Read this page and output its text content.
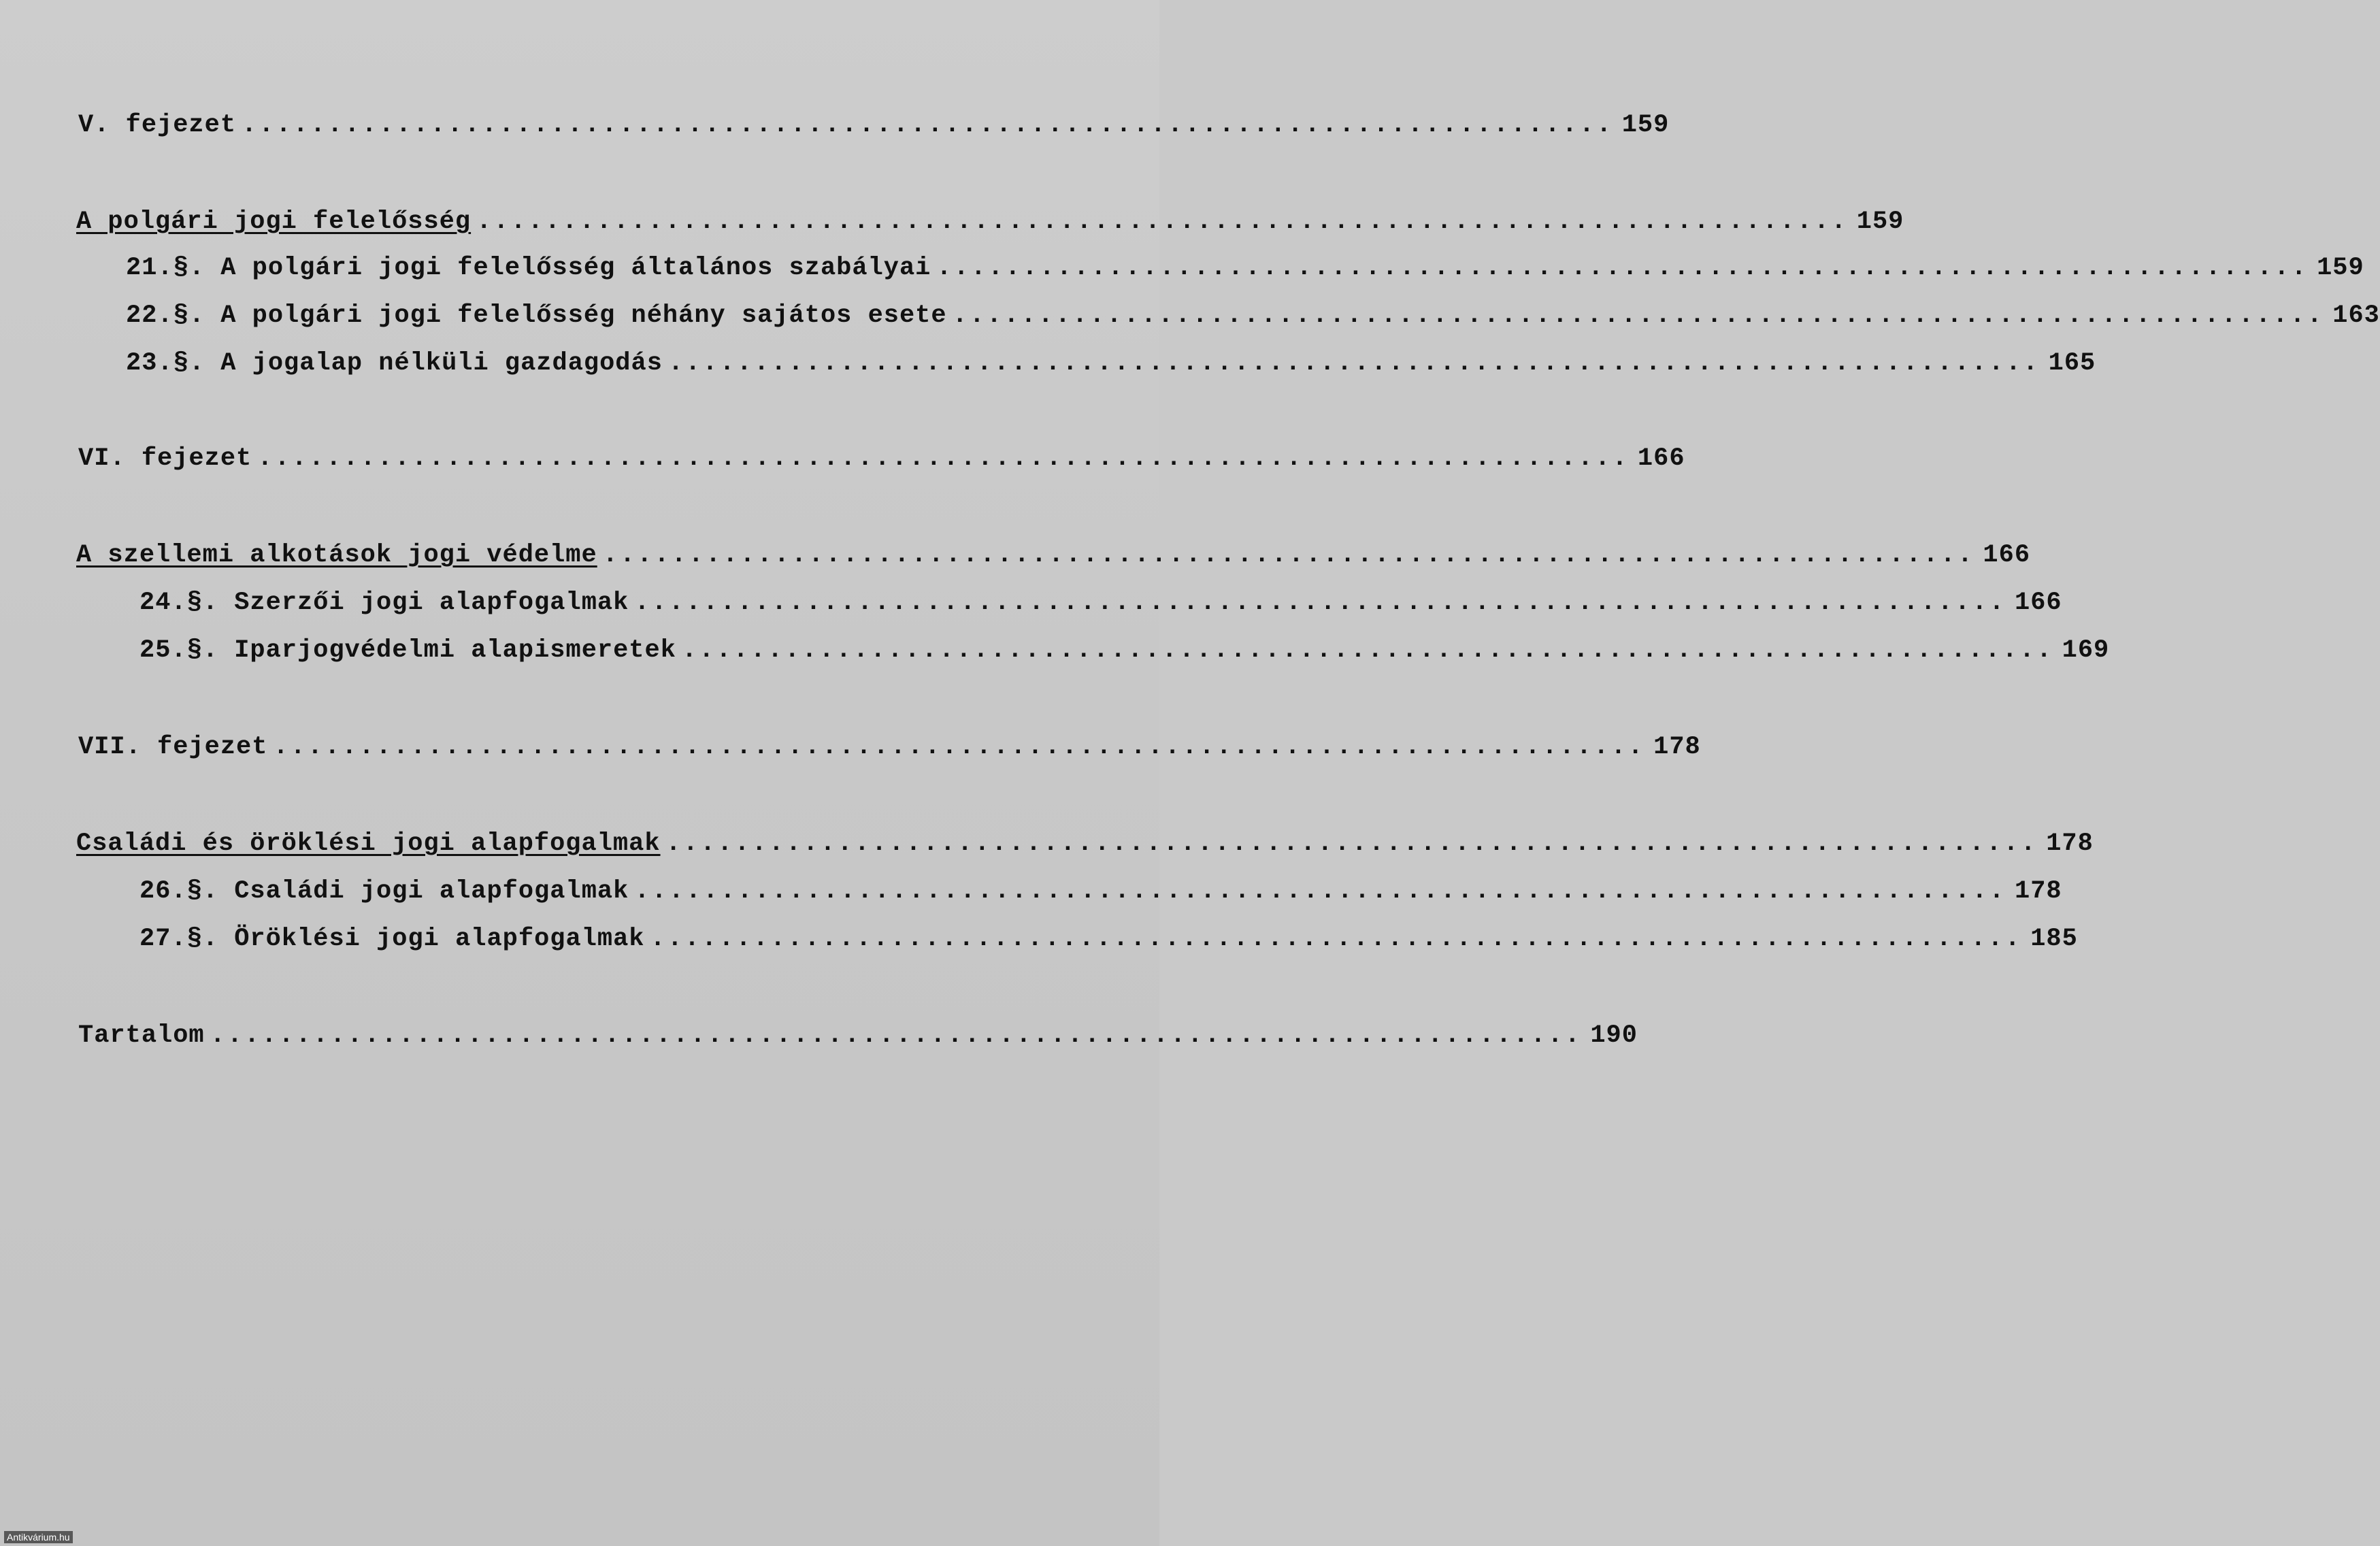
V. fejezet ................................................................................ 159
A polgári jogi felelősség ................................................................................ 159
21.§. A polgári jogi felelősség általános szabályai ................................................................................ 159
22.§. A polgári jogi felelősség néhány sajátos esete ................................................................................ 163
23.§. A jogalap nélküli gazdagodás ................................................................................ 165
VI. fejezet ................................................................................ 166
A szellemi alkotások jogi védelme ................................................................................ 166
24.§. Szerzői jogi alapfogalmak ................................................................................ 166
25.§. Iparjogvédelmi alapismeretek ................................................................................ 169
VII. fejezet ................................................................................ 178
Családi és öröklési jogi alapfogalmak ................................................................................ 178
26.§. Családi jogi alapfogalmak ................................................................................ 178
27.§. Öröklési jogi alapfogalmak ................................................................................ 185
Tartalom ................................................................................ 190
Antikvárium.hu
